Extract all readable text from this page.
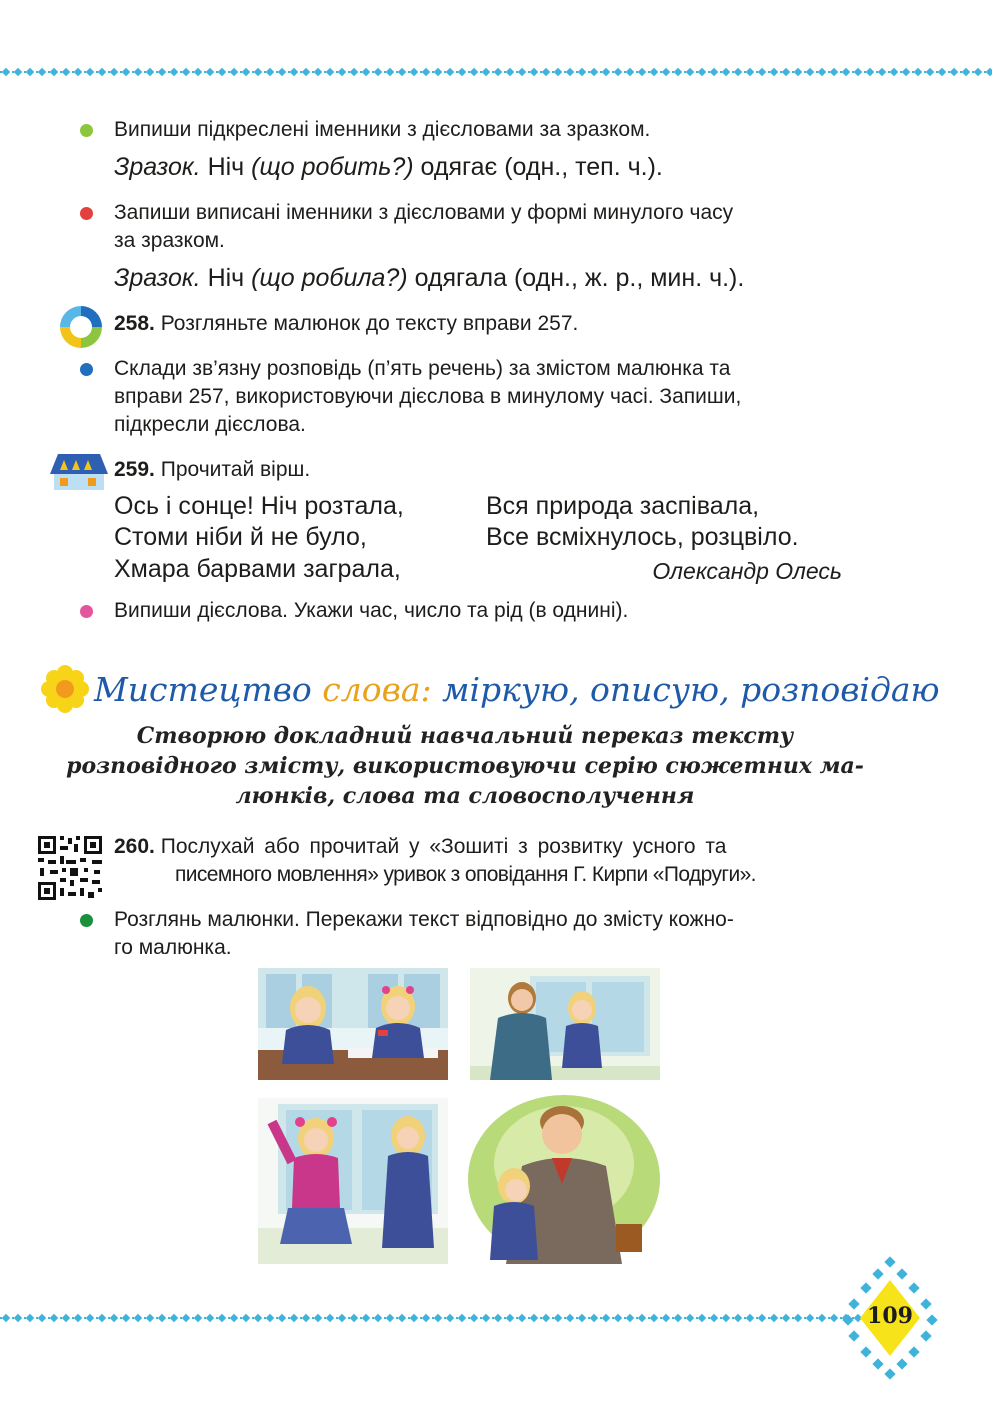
Випиши підкреслені іменники з дієсловами за зразком.
Зразок. Ніч (що робить?) одягає (одн., теп. ч.).
Запиши виписані іменники з дієсловами у формі минулого часу
за зразком.
Зразок. Ніч (що робила?) одягала (одн., ж. р., мин. ч.).
258. Розгляньте малюнок до тексту вправи 257.
Склади зв’язну розповідь (п’ять речень) за змістом малюнка та
вправи 257, використовуючи дієслова в минулому часі. Запиши,
підкресли дієслова.
259. Прочитай вірш.
Ось і сонце! Ніч розтала,
Стоми ніби й не було,
Хмара барвами заграла,
Вся природа заспівала,
Все всміхнулось, розцвіло.
Олександр Олесь
Випиши дієслова. Укажи час, число та рід (в однині).
Мистецтво слова: міркую, описую, розповідаю
Створюю докладний навчальний переказ тексту
розповідного змісту, використовуючи серію сюжетних ма-
люнків, слова та словосполучення
260. Послухай або прочитай у «Зошиті з розвитку усного та
писемного мовлення» уривок з оповідання Г. Кирпи «Подруги».
Розглянь малюнки. Перекажи текст відповідно до змісту кожно-
го малюнка.
109
